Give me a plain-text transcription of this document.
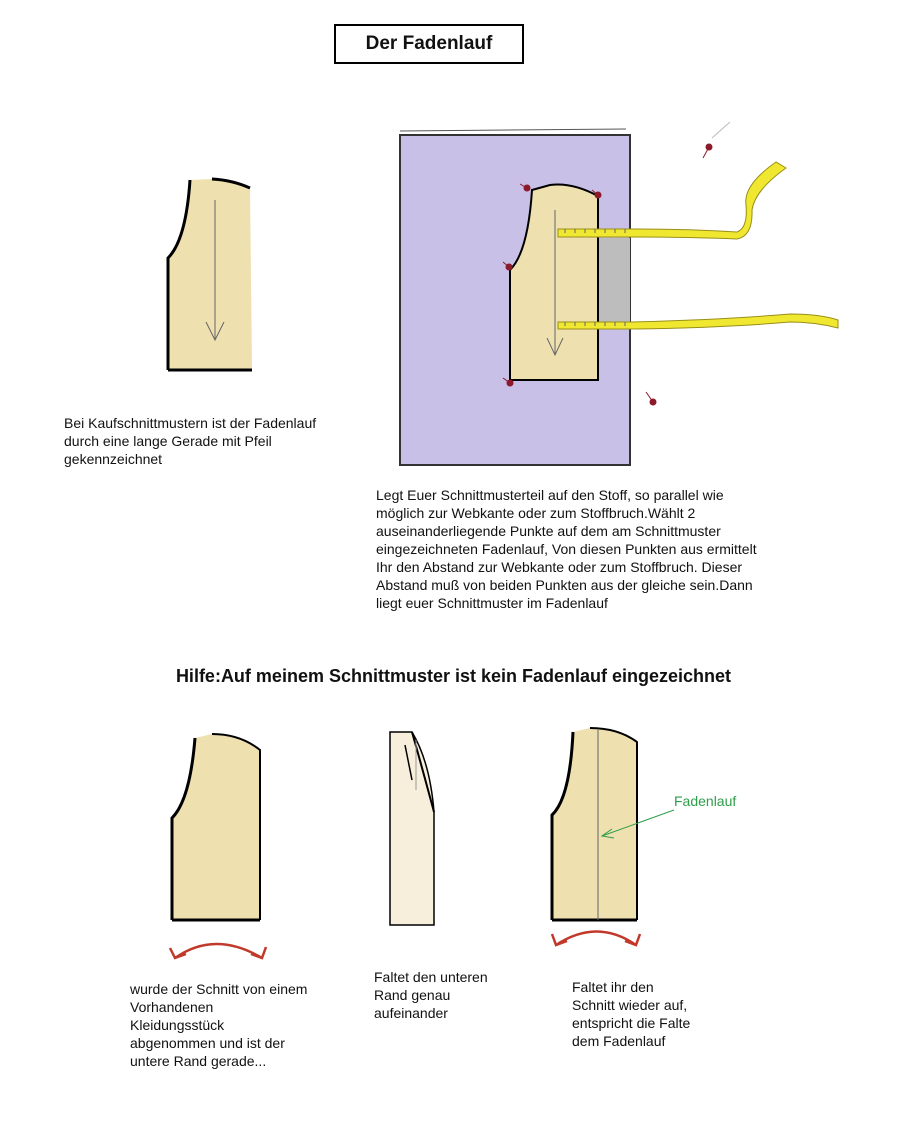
Der Fadenlauf
Bei Kaufschnittmustern ist der Fadenlauf
durch eine lange Gerade mit Pfeil
gekennzeichnet
Legt Euer Schnittmusterteil auf den Stoff, so parallel wie
möglich zur Webkante oder zum Stoffbruch.Wählt 2
auseinanderliegende Punkte auf dem am Schnittmuster
eingezeichneten Fadenlauf, Von diesen Punkten aus ermittelt
Ihr den Abstand zur Webkante oder zum Stoffbruch. Dieser
Abstand muß von beiden Punkten aus der gleiche sein.Dann
liegt euer Schnittmuster im Fadenlauf
Hilfe:Auf meinem Schnittmuster ist kein Fadenlauf eingezeichnet
wurde der Schnitt von einem
Vorhandenen
Kleidungsstück
abgenommen und ist der
untere Rand gerade...
Faltet den unteren
Rand genau
aufeinander
Faltet ihr den
Schnitt wieder auf,
entspricht die Falte
dem Fadenlauf
Fadenlauf
